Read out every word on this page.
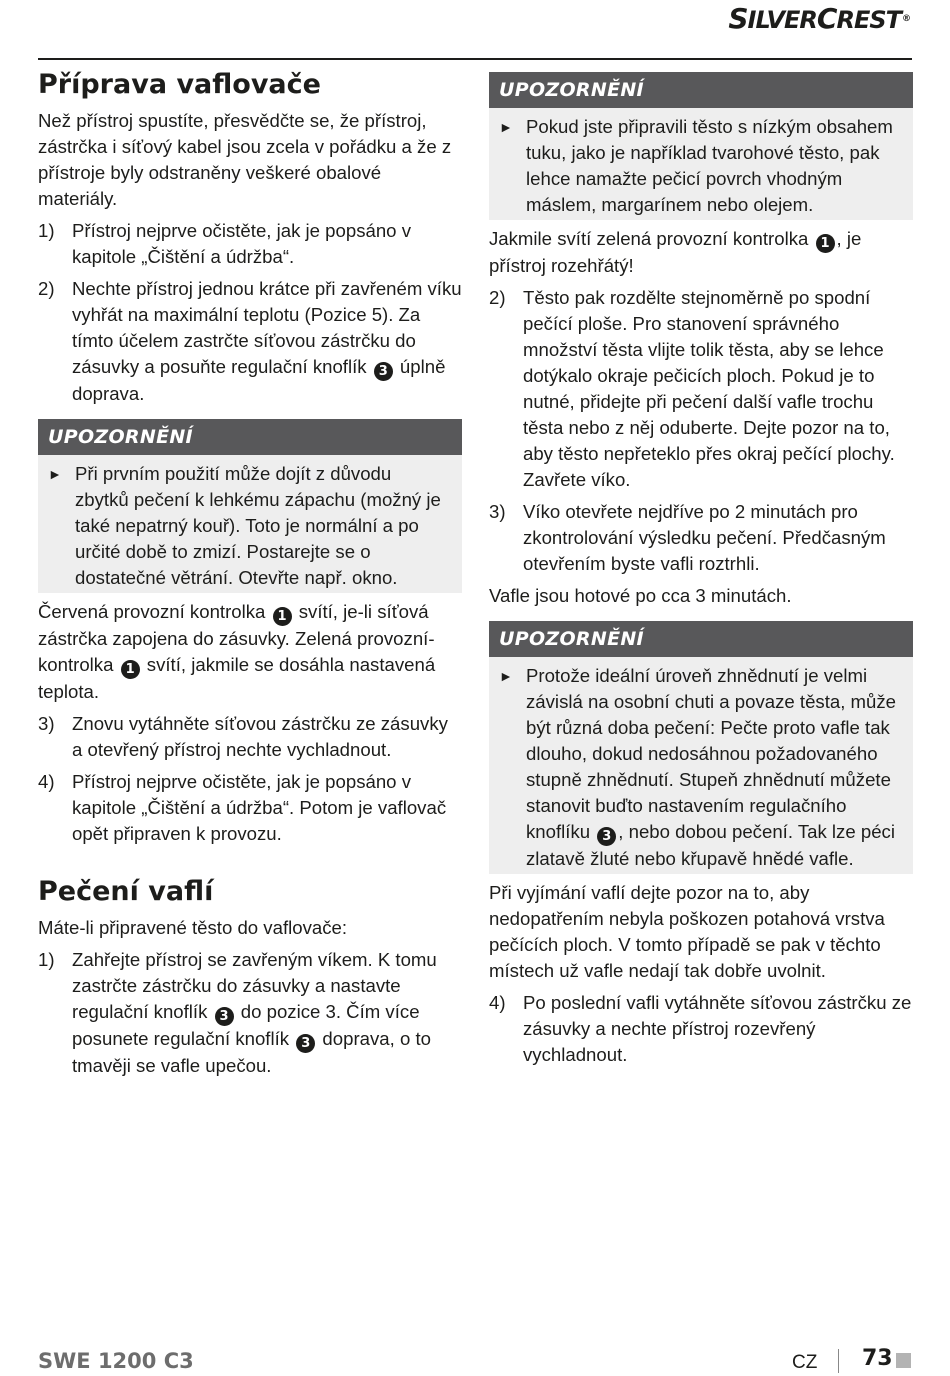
SILVERCREST®
Příprava vaflovače

Než přístroj spustíte, přesvědčte se, že přístroj, zástrčka i síťový kabel jsou zcela v pořádku a že z přístroje byly odstraněny veškeré obalové materiály.

1) Přístroj nejprve očistěte, jak je popsáno v kapitole „Čištění a údržba“.
2) Nechte přístroj jednou krátce při zavřeném víku vyhřát na maximální teplotu (Pozice 5). Za tímto účelem zastrčte síťovou zástrčku do zásuvky a posuňte regulační knoflík 3 úplně doprava.
UPOZORNĚNÍ
► Při prvním použití může dojít z důvodu zbytků pečení k lehkému zápachu (možný je také nepatrný kouř). Toto je normální a po určité době to zmizí. Postarejte se o dostatečné větrání. Otevřte např. okno.

Červená provozní kontrolka 1 svítí, je-li síťová zástrčka zapojena do zásuvky. Zelená provozní-kontrolka 1 svítí, jakmile se dosáhla nastavená teplota.

3) Znovu vytáhněte síťovou zástrčku ze zásuvky a otevřený přístroj nechte vychladnout.
4) Přístroj nejprve očistěte, jak je popsáno v kapitole „Čištění a údržba“. Potom je vaflovač opět připraven k provozu.
Pečení vaflí

Máte-li připravené těsto do vaflovače:

1) Zahřejte přístroj se zavřeným víkem. K tomu zastrčte zástrčku do zásuvky a nastavte regulační knoflík 3 do pozice 3. Čím více posunete regulační knoflík 3 doprava, o to tmavěji se vafle upečou.
UPOZORNĚNÍ
► Pokud jste připravili těsto s nízkým obsahem tuku, jako je například tvarohové těsto, pak lehce namažte pečicí povrch vhodným máslem, margarínem nebo olejem.

Jakmile svítí zelená provozní kontrolka 1 , je přístroj rozehřátý!

2) Těsto pak rozdělte stejnoměrně po spodní pečící ploše. Pro stanovení správného množství těsta vlijte tolik těsta, aby se lehce dotýkalo okraje pečicích ploch. Pokud je to nutné, přidejte při pečení další vafle trochu těsta nebo z něj oduberte. Dejte pozor na to, aby těsto nepřeteklo přes okraj pečící plochy. Zavřete víko.
3) Víko otevřete nejdříve po 2 minutách pro zkontrolování výsledku pečení. Předčasným otevřením byste vafli roztrhli.

Vafle jsou hotové po cca 3 minutách.

UPOZORNĚNÍ
► Protože ideální úroveň zhnědnutí je velmi závislá na osobní chuti a povaze těsta, může být různá doba pečení: Pečte proto vafle tak dlouho, dokud nedosáhnou požadovaného stupně zhnědnutí. Stupeň zhnědnutí můžete stanovit buďto nastavením regulačního knoflíku 3 , nebo dobou pečení. Tak lze péci zlatavě žluté nebo křupavě hnědé vafle.

Při vyjímání vaflí dejte pozor na to, aby nedopatřením nebyla poškozen potahová vrstva pečících ploch. V tomto případě se pak v těchto místech už vafle nedají tak dobře uvolnit.

4) Po poslední vafli vytáhněte síťovou zástrčku ze zásuvky a nechte přístroj rozevřený vychladnout.
SWE 1200 C3	CZ 73
